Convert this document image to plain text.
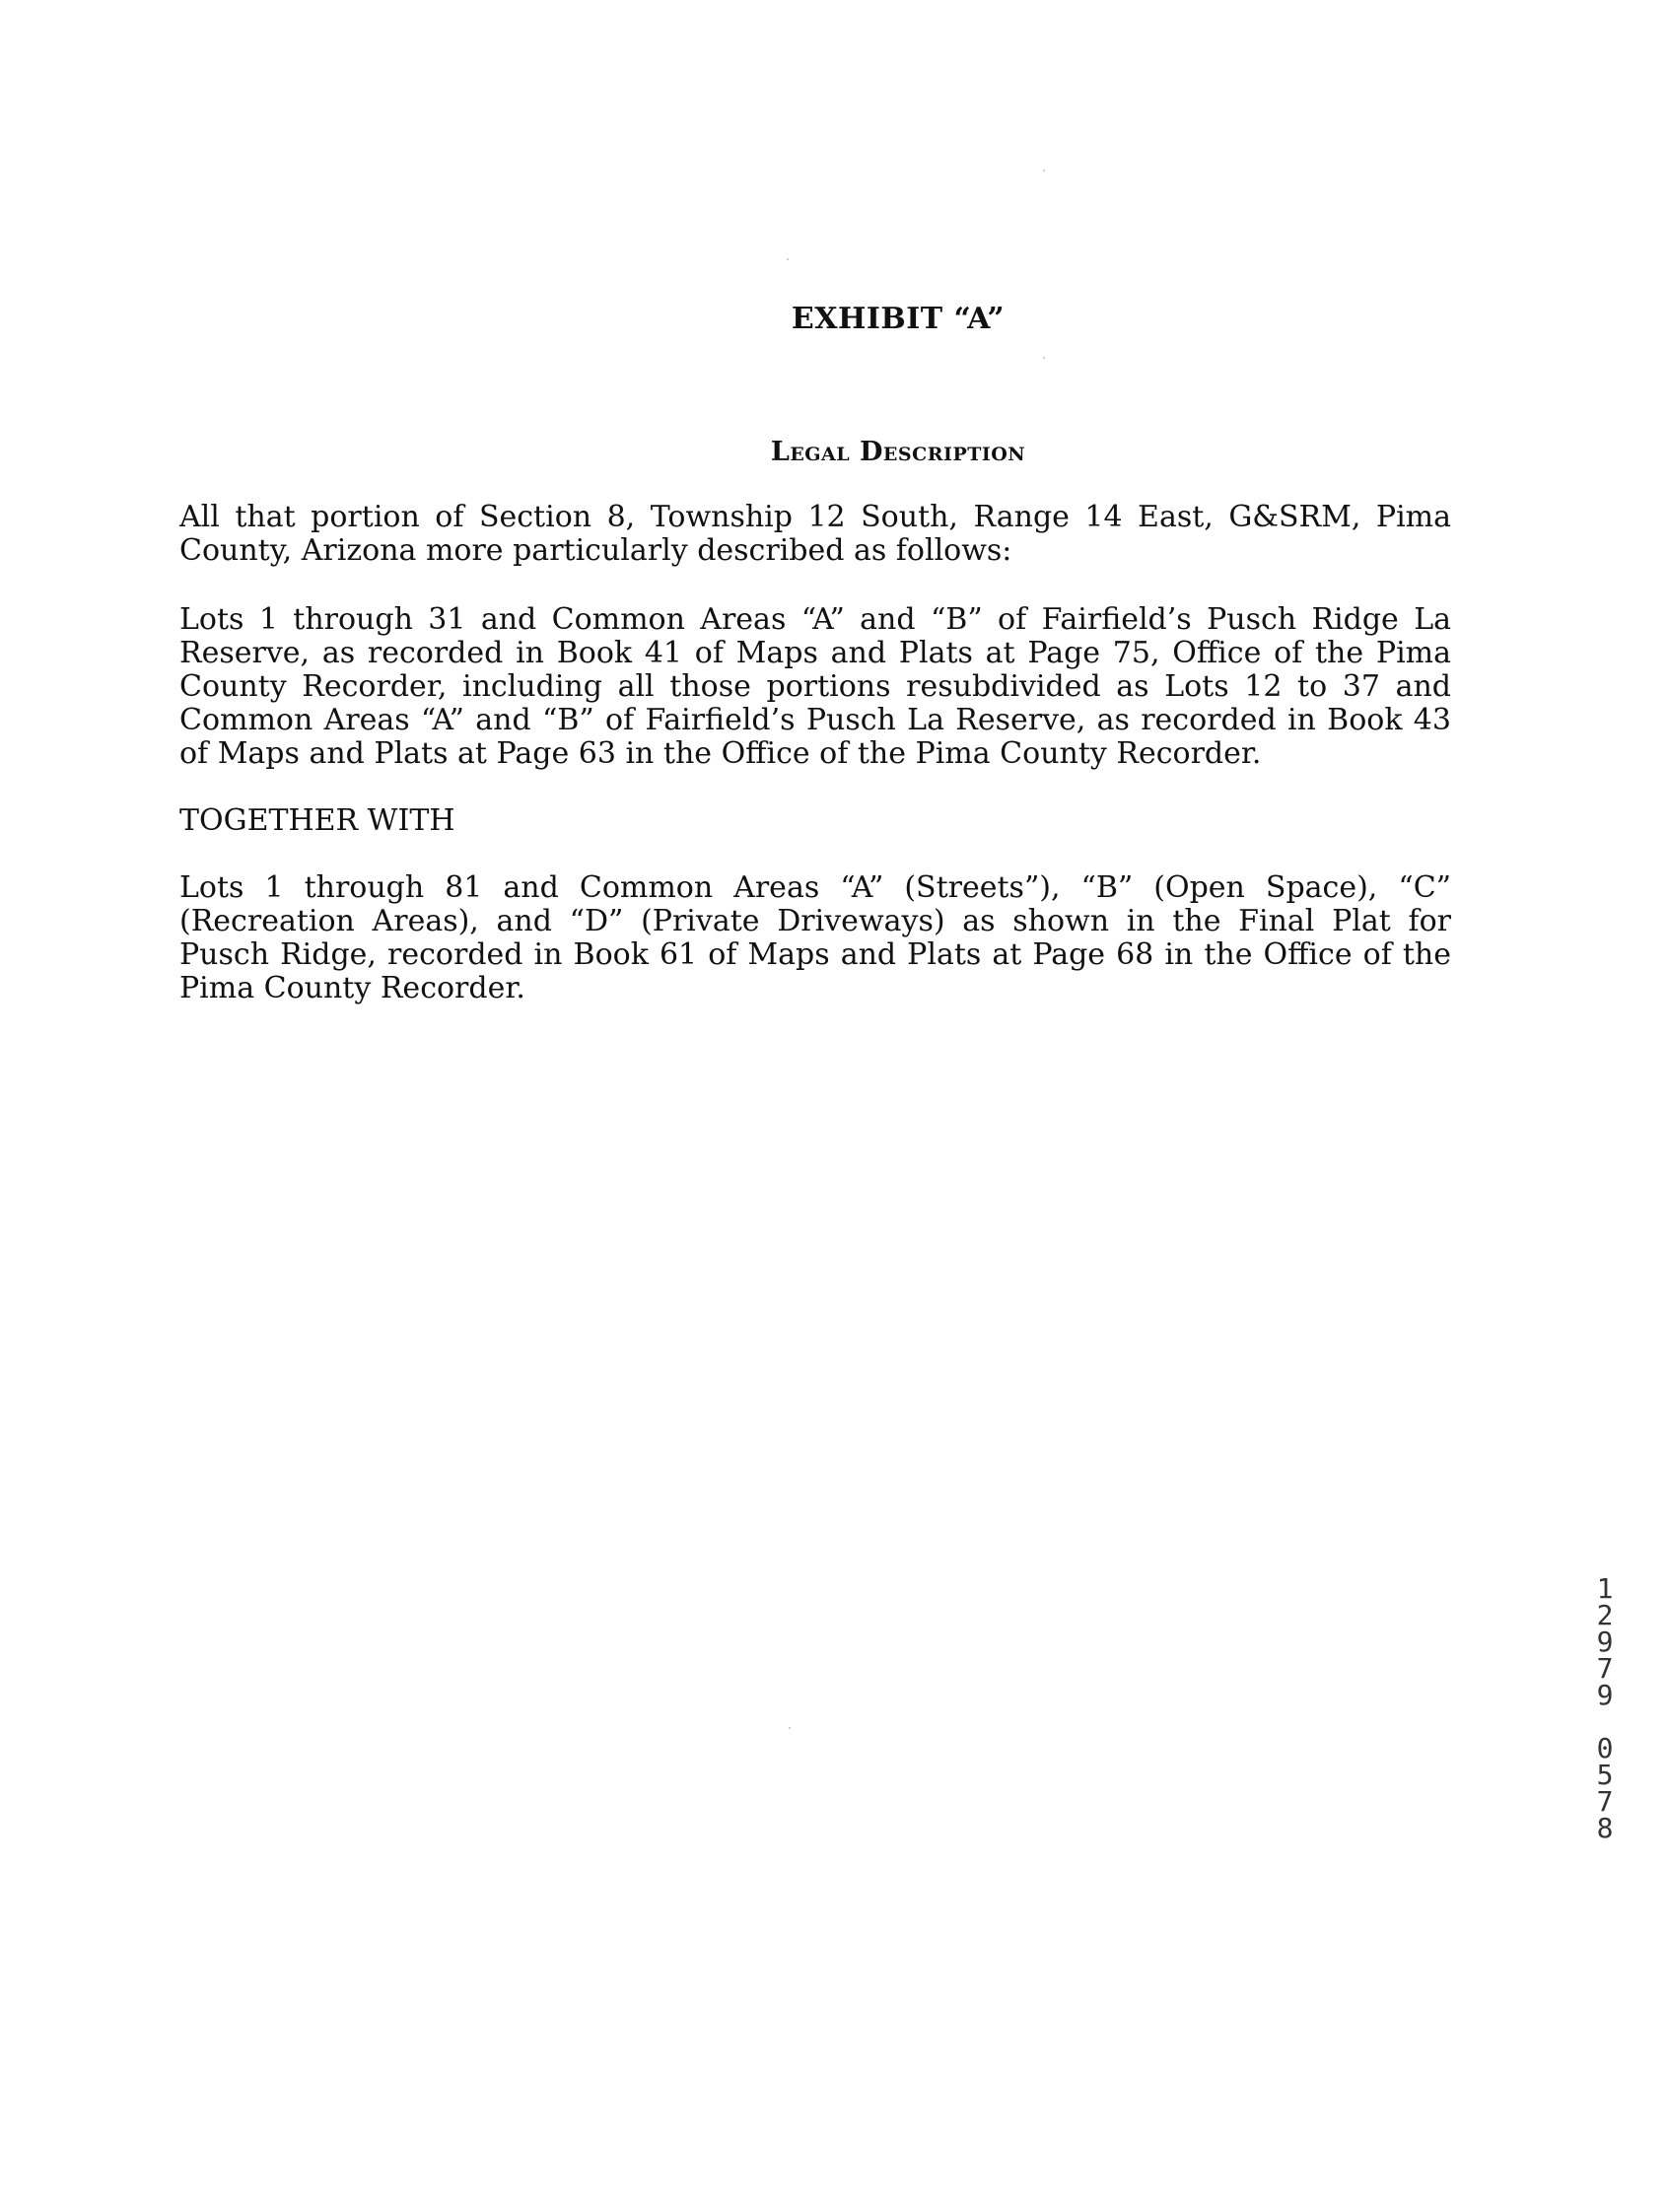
EXHIBIT “A”
Legal Description
All that portion of Section 8, Township 12 South, Range 14 East, G&SRM, Pima County, Arizona more particularly described as follows:
Lots 1 through 31 and Common Areas “A” and “B” of Fairfield’s Pusch Ridge La Reserve, as recorded in Book 41 of Maps and Plats at Page 75, Office of the Pima County Recorder, including all those portions resubdivided as Lots 12 to 37 and Common Areas “A” and “B” of Fairfield’s Pusch La Reserve, as recorded in Book 43 of Maps and Plats at Page 63 in the Office of the Pima County Recorder.
TOGETHER WITH
Lots 1 through 81 and Common Areas “A” (Streets”), “B” (Open Space), “C” (Recreation Areas), and “D” (Private Driveways) as shown in the Final Plat for Pusch Ridge, recorded in Book 61 of Maps and Plats at Page 68 in the Office of the Pima County Recorder.
1
2
9
7
9
0
5
7
8
